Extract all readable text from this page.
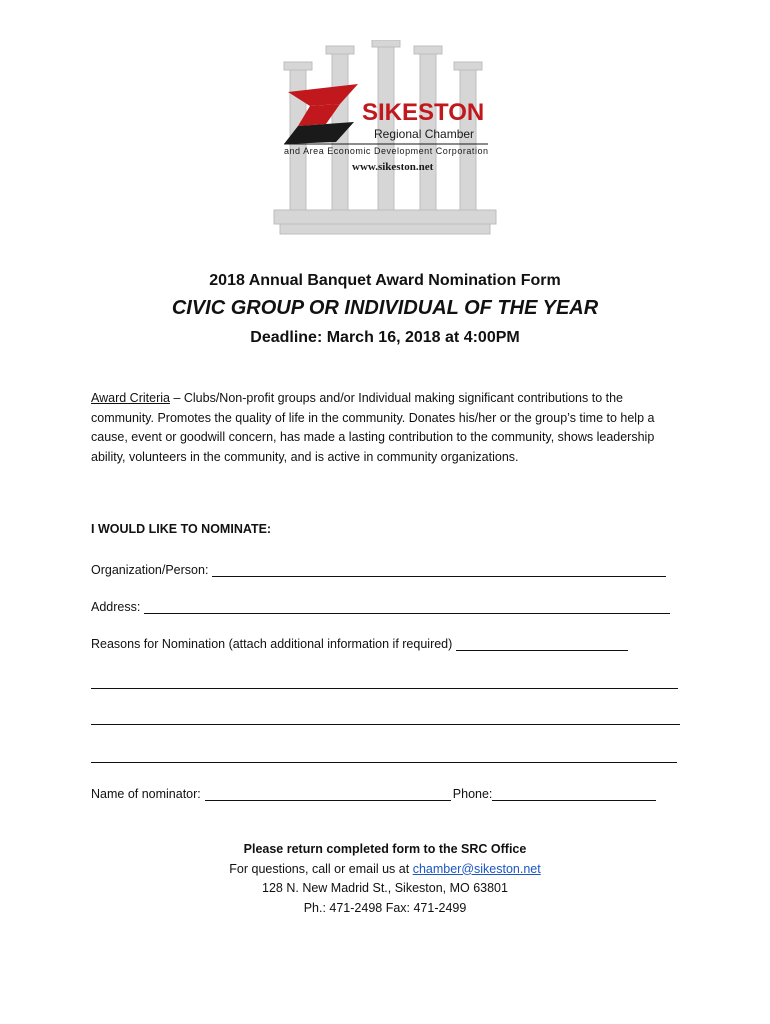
SIKESTON
Regional Chamber
and Area Economic Development Corporation
www.sikeston.net
2018 Annual Banquet Award Nomination Form
CIVIC GROUP OR INDIVIDUAL OF THE YEAR
Deadline: March 16, 2018 at 4:00PM
Award Criteria – Clubs/Non-profit groups and/or Individual making significant contributions to the community. Promotes the quality of life in the community. Donates his/her or the group’s time to help a cause, event or goodwill concern, has made a lasting contribution to the community, shows leadership ability, volunteers in the community, and is active in community organizations.
I WOULD LIKE TO NOMINATE:
Organization/Person:
Address:
Reasons for Nomination (attach additional information if required)
Name of nominator:	Phone:
Please return completed form to the SRC Office
For questions, call or email us at chamber@sikeston.net
128 N. New Madrid St., Sikeston, MO 63801
Ph.: 471-2498 Fax: 471-2499
